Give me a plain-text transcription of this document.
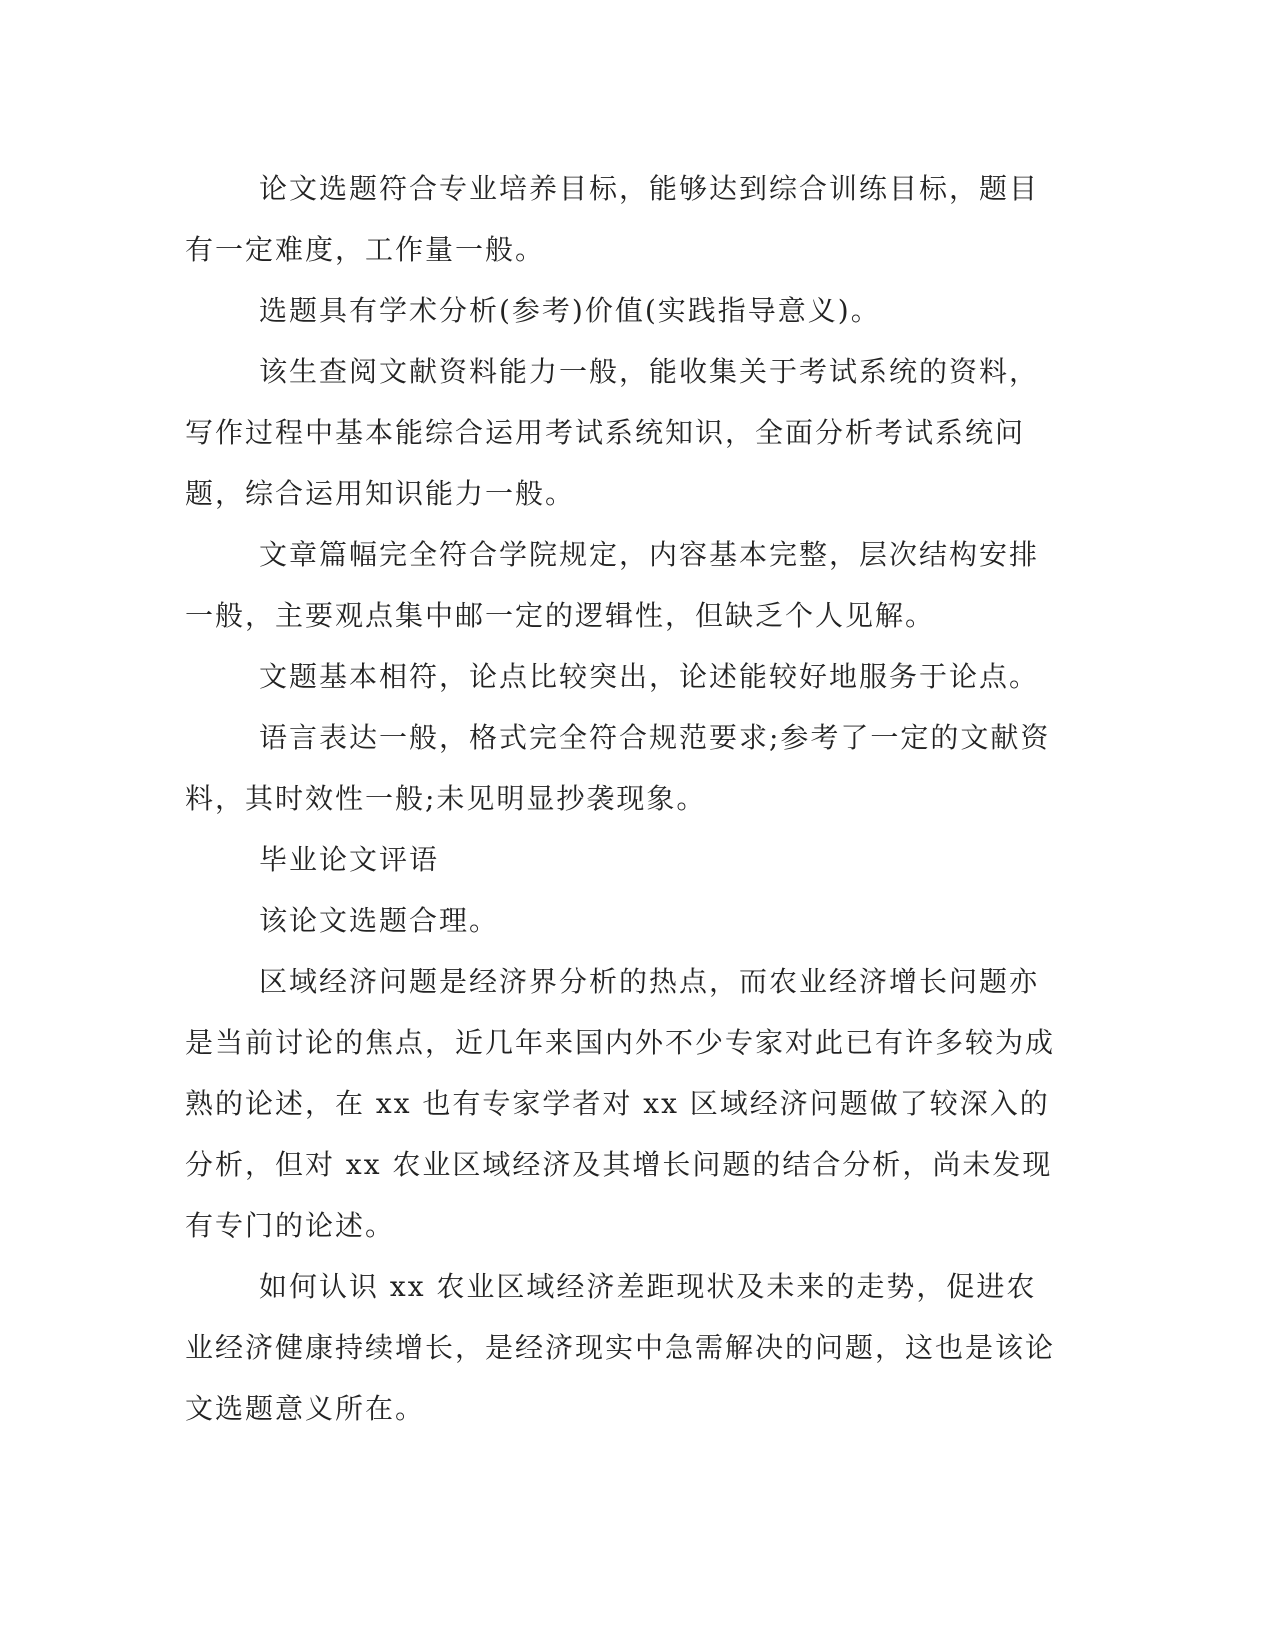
论文选题符合专业培养目标，能够达到综合训练目标，题目有一定难度，工作量一般。

选题具有学术分析(参考)价值(实践指导意义)。

该生查阅文献资料能力一般，能收集关于考试系统的资料，写作过程中基本能综合运用考试系统知识，全面分析考试系统问题，综合运用知识能力一般。

文章篇幅完全符合学院规定，内容基本完整，层次结构安排一般，主要观点集中邮一定的逻辑性，但缺乏个人见解。

文题基本相符，论点比较突出，论述能较好地服务于论点。

语言表达一般，格式完全符合规范要求;参考了一定的文献资料，其时效性一般;未见明显抄袭现象。

毕业论文评语

该论文选题合理。

区域经济问题是经济界分析的热点，而农业经济增长问题亦是当前讨论的焦点，近几年来国内外不少专家对此已有许多较为成熟的论述，在 xx 也有专家学者对 xx 区域经济问题做了较深入的分析，但对 xx 农业区域经济及其增长问题的结合分析，尚未发现有专门的论述。

如何认识 xx 农业区域经济差距现状及未来的走势，促进农业经济健康持续增长，是经济现实中急需解决的问题，这也是该论文选题意义所在。
